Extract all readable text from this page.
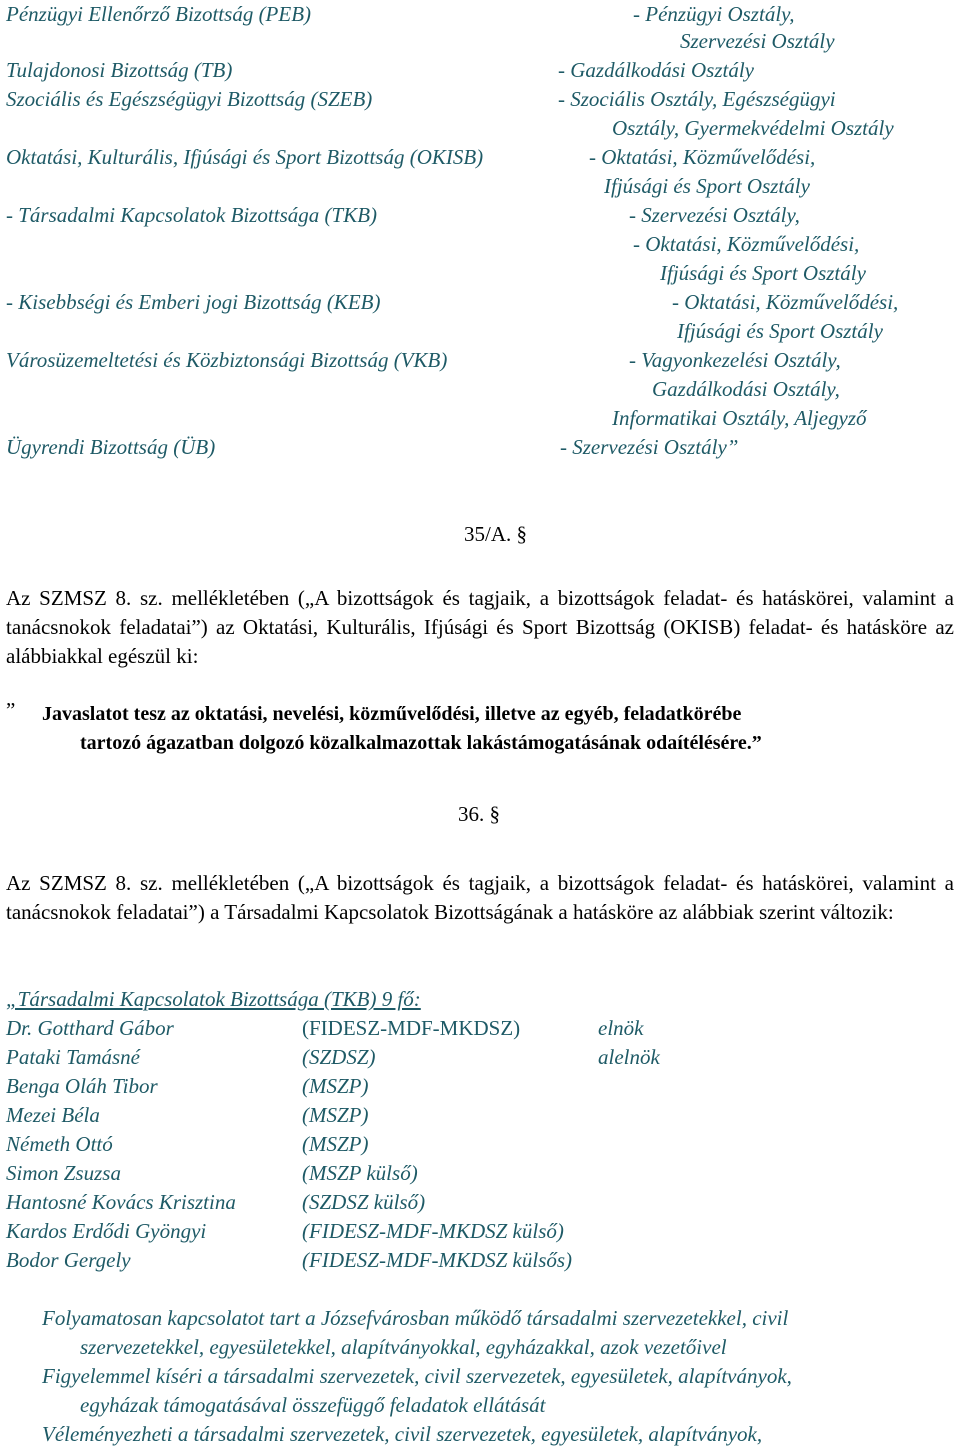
Pénzügyi Ellenőrző Bizottság (PEB)	- Pénzügyi Osztály,
Szervezési Osztály
Tulajdonosi Bizottság (TB)	- Gazdálkodási Osztály
Szociális és Egészségügyi Bizottság (SZEB)	- Szociális Osztály, Egészségügyi
Osztály, Gyermekvédelmi Osztály
Oktatási, Kulturális, Ifjúsági és Sport Bizottság (OKISB)	- Oktatási, Közművelődési,
Ifjúsági és Sport Osztály
- Társadalmi Kapcsolatok Bizottsága (TKB)	- Szervezési Osztály,
- Oktatási, Közművelődési,
Ifjúsági és Sport Osztály
- Kisebbségi és Emberi jogi Bizottság (KEB)	- Oktatási, Közművelődési,
Ifjúsági és Sport Osztály
Városüzemeltetési és Közbiztonsági Bizottság (VKB)	- Vagyonkezelési Osztály,
Gazdálkodási Osztály,
Informatikai Osztály, Aljegyző
Ügyrendi Bizottság (ÜB)	- Szervezési Osztály”
35/A. §
Az SZMSZ 8. sz. mellékletében („A bizottságok és tagjaik, a bizottságok feladat- és hatáskörei, valamint a tanácsnokok feladatai”) az Oktatási, Kulturális, Ifjúsági és Sport Bizottság (OKISB) feladat- és hatásköre az alábbiakkal egészül ki:
„
Javaslatot tesz az oktatási, nevelési, közművelődési, illetve az egyéb, feladatkörébe
tartozó ágazatban dolgozó közalkalmazottak lakástámogatásának odaítélésére.”
36. §
Az SZMSZ 8. sz. mellékletében („A bizottságok és tagjaik, a bizottságok feladat- és hatáskörei, valamint a tanácsnokok feladatai”) a Társadalmi Kapcsolatok Bizottságának a hatásköre az alábbiak szerint változik:
„Társadalmi Kapcsolatok Bizottsága (TKB) 9 fő:
Dr. Gotthard Gábor	(FIDESZ-MDF-MKDSZ)	elnök
Pataki Tamásné	(SZDSZ)	alelnök
Benga Oláh Tibor	(MSZP)
Mezei Béla	(MSZP)
Németh Ottó	(MSZP)
Simon Zsuzsa	(MSZP külső)
Hantosné Kovács Krisztina	(SZDSZ külső)
Kardos Erdődi Gyöngyi	(FIDESZ-MDF-MKDSZ külső)
Bodor Gergely	(FIDESZ-MDF-MKDSZ külsős)
Folyamatosan kapcsolatot tart a Józsefvárosban működő társadalmi szervezetekkel, civil
szervezetekkel, egyesületekkel, alapítványokkal, egyházakkal, azok vezetőivel
Figyelemmel kíséri a társadalmi szervezetek, civil szervezetek, egyesületek, alapítványok,
egyházak támogatásával összefüggő feladatok ellátását
Véleményezheti a társadalmi szervezetek, civil szervezetek, egyesületek, alapítványok,
